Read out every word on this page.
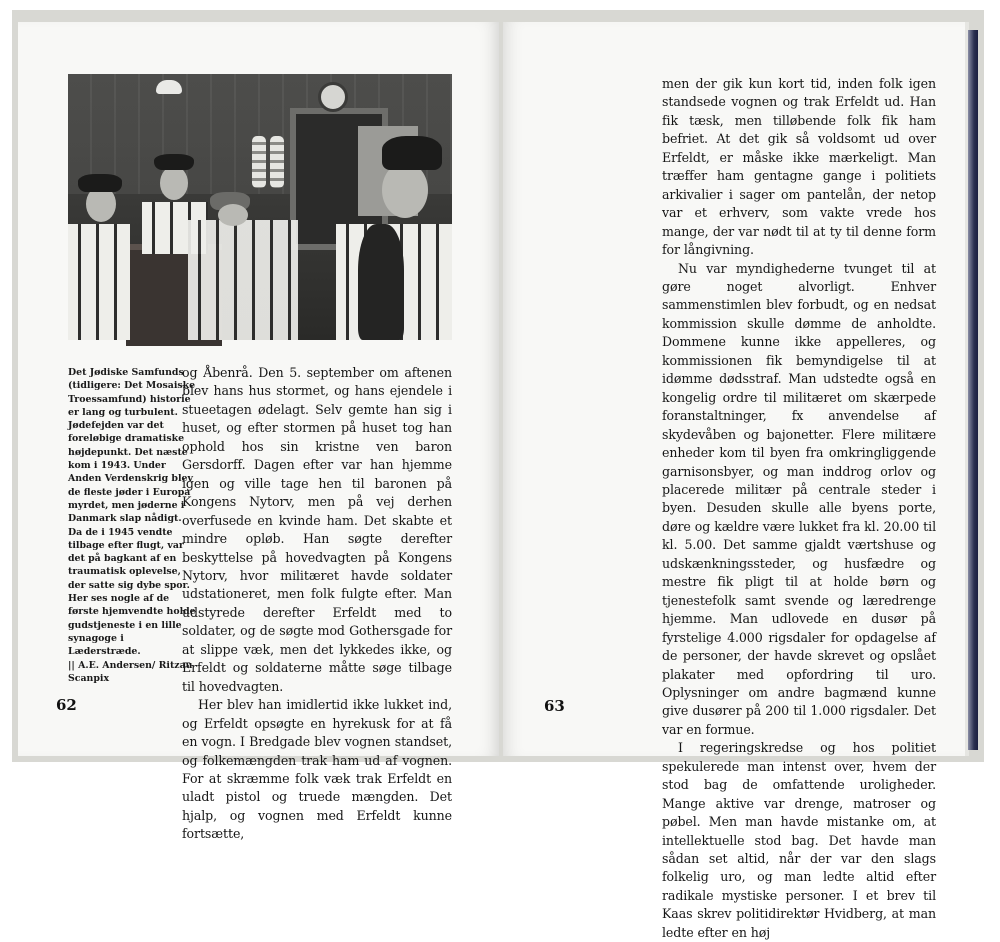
Det Jødiske Samfunds (tidligere: Det Mosaiske Troessamfund) historie er lang og turbulent. Jødefejden var det foreløbige dramatiske højdepunkt. Det næste kom i 1943. Under Anden Verdenskrig blev de fleste jøder i Europa myrdet, men jøderne i Danmark slap nådigt. Da de i 1945 vendte tilbage efter flugt, var det på bagkant af en traumatisk oplevelse, der satte sig dybe spor. Her ses nogle af de første hjemvendte holde gudstjeneste i en lille synagoge i Læderstræde.
|| A.E. Andersen/ Ritzau Scanpix

og Åbenrå. Den 5. september om aftenen blev hans hus stormet, og hans ejendele i stueetagen ødelagt. Selv gemte han sig i huset, og efter stormen på huset tog han ophold hos sin kristne ven baron Gersdorff. Dagen efter var han hjemme igen og ville tage hen til baronen på Kongens Nytorv, men på vej derhen overfusede en kvinde ham. Det skabte et mindre opløb. Han søgte derefter beskyttelse på hovedvagten på Kongens Nytorv, hvor militæret havde soldater udstationeret, men folk fulgte efter. Man udstyrede derefter Erfeldt med to soldater, og de søgte mod Gothersgade for at slippe væk, men det lykkedes ikke, og Erfeldt og soldaterne måtte søge tilbage til hovedvagten.

Her blev han imidlertid ikke lukket ind, og Erfeldt opsøgte en hyrekusk for at få en vogn. I Bredgade blev vognen standset, og folkemængden trak ham ud af vognen. For at skræmme folk væk trak Erfeldt en uladt pistol og truede mængden. Det hjalp, og vognen med Erfeldt kunne fortsætte,

62

men der gik kun kort tid, inden folk igen standsede vognen og trak Erfeldt ud. Han fik tæsk, men tilløbende folk fik ham befriet. At det gik så voldsomt ud over Erfeldt, er måske ikke mærkeligt. Man træffer ham gentagne gange i politiets arkivalier i sager om pantelån, der netop var et erhverv, som vakte vrede hos mange, der var nødt til at ty til denne form for långivning.

Nu var myndighederne tvunget til at gøre noget alvorligt. Enhver sammenstimlen blev forbudt, og en nedsat kommission skulle dømme de anholdte. Dommene kunne ikke appelleres, og kommissionen fik bemyndigelse til at idømme dødsstraf. Man udstedte også en kongelig ordre til militæret om skærpede foranstaltninger, fx anvendelse af skydevåben og bajonetter. Flere militære enheder kom til byen fra omkringliggende garnisonsbyer, og man inddrog orlov og placerede militær på centrale steder i byen. Desuden skulle alle byens porte, døre og kældre være lukket fra kl. 20.00 til kl. 5.00. Det samme gjaldt værtshuse og udskænkningssteder, og husfædre og mestre fik pligt til at holde børn og tjenestefolk samt svende og læredrenge hjemme. Man udlovede en dusør på fyrstelige 4.000 rigsdaler for opdagelse af de personer, der havde skrevet og opslået plakater med opfordring til uro. Oplysninger om andre bagmænd kunne give dusører på 200 til 1.000 rigsdaler. Det var en formue.

I regeringskredse og hos politiet spekulerede man intenst over, hvem der stod bag de omfattende uroligheder. Mange aktive var drenge, matroser og pøbel. Men man havde mistanke om, at intellektuelle stod bag. Det havde man sådan set altid, når der var den slags folkelig uro, og man ledte altid efter radikale mystiske personer. I et brev til Kaas skrev politidirektør Hvidberg, at man ledte efter en høj

63
